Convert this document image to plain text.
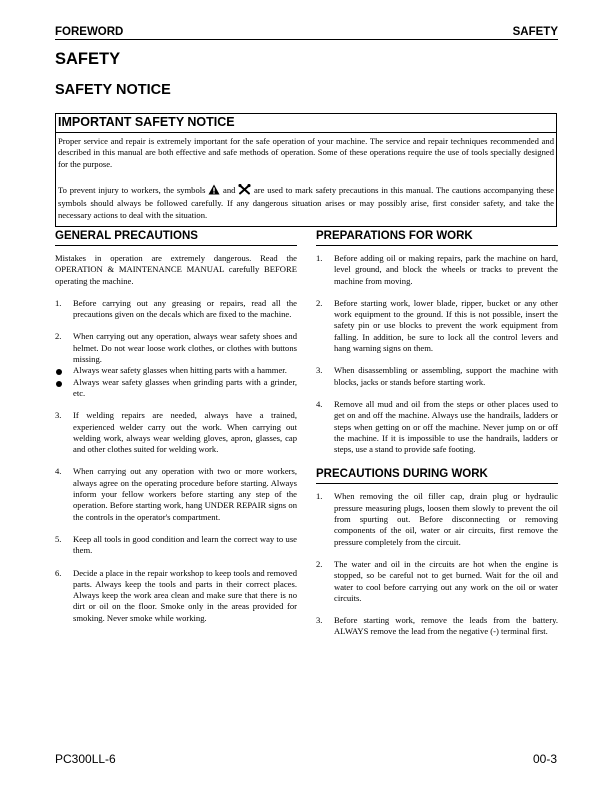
FOREWORD	SAFETY
SAFETY
SAFETY NOTICE
IMPORTANT SAFETY NOTICE
Proper service and repair is extremely important for the safe operation of your machine. The service and repair techniques recommended and described in this manual are both effective and safe methods of operation. Some of these operations require the use of tools specially designed for the purpose.
To prevent injury to workers, the symbols and are used to mark safety precautions in this manual. The cautions accompanying these symbols should always be followed carefully. If any dangerous situation arises or may possibly arise, first consider safety, and take the necessary actions to deal with the situation.
GENERAL PRECAUTIONS

Mistakes in operation are extremely dangerous. Read the OPERATION & MAINTENANCE MANUAL carefully BEFORE operating the machine.

1. Before carrying out any greasing or repairs, read all the precautions given on the decals which are fixed to the machine.
2. When carrying out any operation, always wear safety shoes and helmet. Do not wear loose work clothes, or clothes with buttons missing.
Always wear safety glasses when hitting parts with a hammer.
Always wear safety glasses when grinding parts with a grinder, etc.
3. If welding repairs are needed, always have a trained, experienced welder carry out the work. When carrying out welding work, always wear welding gloves, apron, glasses, cap and other clothes suited for welding work.
4. When carrying out any operation with two or more workers, always agree on the operating procedure before starting. Always inform your fellow workers before starting any step of the operation. Before starting work, hang UNDER REPAIR signs on the controls in the operator's compartment.
5. Keep all tools in good condition and learn the correct way to use them.
6. Decide a place in the repair workshop to keep tools and removed parts. Always keep the tools and parts in their correct places. Always keep the work area clean and make sure that there is no dirt or oil on the floor. Smoke only in the areas provided for smoking. Never smoke while working.
PREPARATIONS FOR WORK
1. Before adding oil or making repairs, park the machine on hard, level ground, and block the wheels or tracks to prevent the machine from moving.
2. Before starting work, lower blade, ripper, bucket or any other work equipment to the ground. If this is not possible, insert the safety pin or use blocks to prevent the work equipment from falling. In addition, be sure to lock all the control levers and hang warning signs on them.
3. When disassembling or assembling, support the machine with blocks, jacks or stands before starting work.
4. Remove all mud and oil from the steps or other places used to get on and off the machine. Always use the handrails, ladders or steps when getting on or off the machine. Never jump on or off the machine. If it is impossible to use the handrails, ladders or steps, use a stand to provide safe footing.
PRECAUTIONS DURING WORK
1. When removing the oil filler cap, drain plug or hydraulic pressure measuring plugs, loosen them slowly to prevent the oil from spurting out. Before disconnecting or removing components of the oil, water or air circuits, first remove the pressure completely from the circuit.
2. The water and oil in the circuits are hot when the engine is stopped, so be careful not to get burned. Wait for the oil and water to cool before carrying out any work on the oil or water circuits.
3. Before starting work, remove the leads from the battery. ALWAYS remove the lead from the negative (-) terminal first.
PC300LL-6	00-3
